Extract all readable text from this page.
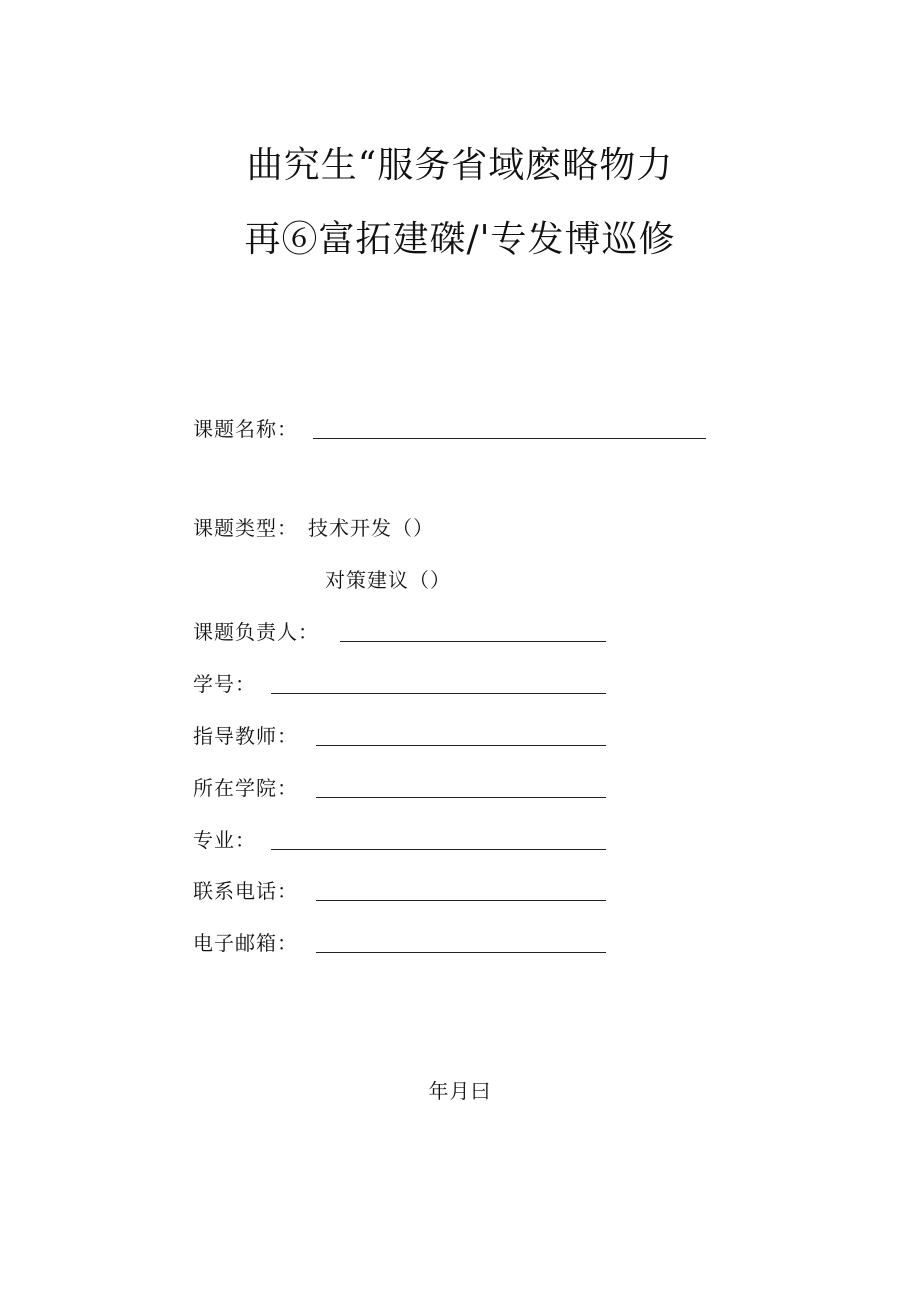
曲究生“服务省域麽略物力
再⑥富拓建磔/'专发博巡修
课题名称：
课题类型： 技术开发（）
对策建议（）
课题负责人：
学号：
指导教师：
所在学院：
专业：
联系电话：
电子邮箱：
年月曰
